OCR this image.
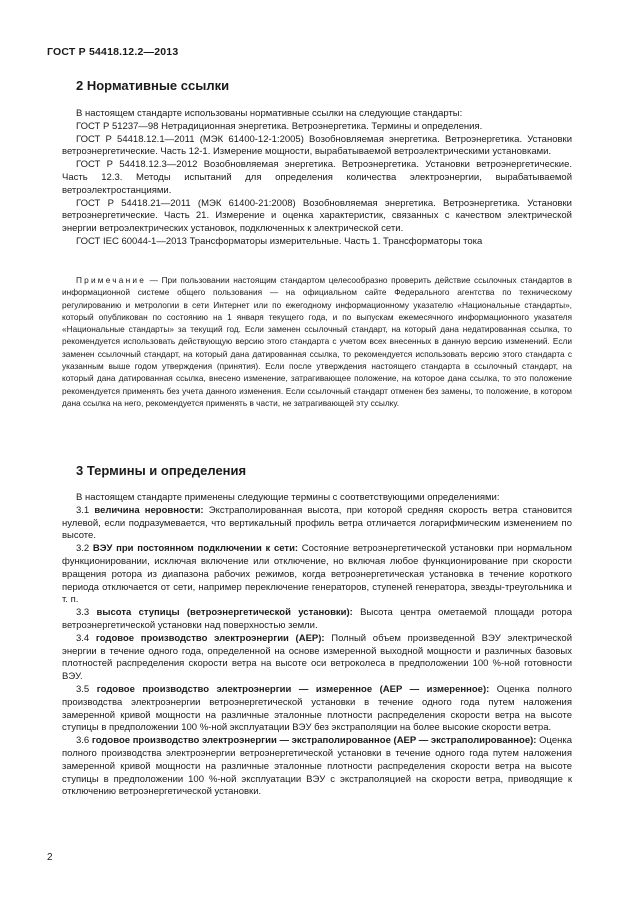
ГОСТ Р 54418.12.2—2013
2 Нормативные ссылки

В настоящем стандарте использованы нормативные ссылки на следующие стандарты:

ГОСТ Р 51237—98 Нетрадиционная энергетика. Ветроэнергетика. Термины и определения.

ГОСТ Р 54418.12.1—2011 (МЭК 61400-12-1:2005) Возобновляемая энергетика. Ветроэнергетика. Установки ветроэнергетические. Часть 12-1. Измерение мощности, вырабатываемой ветроэлектрическими установками.

ГОСТ Р 54418.12.3—2012 Возобновляемая энергетика. Ветроэнергетика. Установки ветроэнергетические. Часть 12.3. Методы испытаний для определения количества электроэнергии, вырабатываемой ветроэлектростанциями.

ГОСТ Р 54418.21—2011 (МЭК 61400-21:2008) Возобновляемая энергетика. Ветроэнергетика. Установки ветроэнергетические. Часть 21. Измерение и оценка характеристик, связанных с качеством электрической энергии ветроэлектрических установок, подключенных к электрической сети.

ГОСТ IEC 60044-1—2013 Трансформаторы измерительные. Часть 1. Трансформаторы тока

Примечание — При пользовании настоящим стандартом целесообразно проверить действие ссылочных стандартов в информационной системе общего пользования — на официальном сайте Федерального агентства по техническому регулированию и метрологии в сети Интернет или по ежегодному информационному указателю «Национальные стандарты», который опубликован по состоянию на 1 января текущего года, и по выпускам ежемесячного информационного указателя «Национальные стандарты» за текущий год. Если заменен ссылочный стандарт, на который дана недатированная ссылка, то рекомендуется использовать действующую версию этого стандарта с учетом всех внесенных в данную версию изменений. Если заменен ссылочный стандарт, на который дана датированная ссылка, то рекомендуется использовать версию этого стандарта с указанным выше годом утверждения (принятия). Если после утверждения настоящего стандарта в ссылочный стандарт, на который дана датированная ссылка, внесено изменение, затрагивающее положение, на которое дана ссылка, то это положение рекомендуется применять без учета данного изменения. Если ссылочный стандарт отменен без замены, то положение, в котором дана ссылка на него, рекомендуется применять в части, не затрагивающей эту ссылку.

3 Термины и определения

В настоящем стандарте применены следующие термины с соответствующими определениями:

3.1 величина неровности: Экстраполированная высота, при которой средняя скорость ветра становится нулевой, если подразумевается, что вертикальный профиль ветра отличается логарифмическим изменением по высоте.

3.2 ВЭУ при постоянном подключении к сети: Состояние ветроэнергетической установки при нормальном функционировании, исключая включение или отключение, но включая любое функционирование при скорости вращения ротора из диапазона рабочих режимов, когда ветроэнергетическая установка в течение короткого периода отключается от сети, например переключение генераторов, ступеней генератора, звезды-треугольника и т. п.

3.3 высота ступицы (ветроэнергетической установки): Высота центра ометаемой площади ротора ветроэнергетической установки над поверхностью земли.

3.4 годовое производство электроэнергии (AEP): Полный объем произведенной ВЭУ электрической энергии в течение одного года, определенной на основе измеренной выходной мощности и различных базовых плотностей распределения скорости ветра на высоте оси ветроколеса в предположении 100 %-ной готовности ВЭУ.

3.5 годовое производство электроэнергии — измеренное (AEP — измеренное): Оценка полного производства электроэнергии ветроэнергетической установки в течение одного года путем наложения замеренной кривой мощности на различные эталонные плотности распределения скорости ветра на высоте ступицы в предположении 100 %-ной эксплуатации ВЭУ без экстраполяции на более высокие скорости ветра.

3.6 годовое производство электроэнергии — экстраполированное (AEP — экстраполированное): Оценка полного производства электроэнергии ветроэнергетической установки в течение одного года путем наложения замеренной кривой мощности на различные эталонные плотности распределения скорости ветра на высоте ступицы в предположении 100 %-ной эксплуатации ВЭУ с экстраполяцией на скорости ветра, приводящие к отключению ветроэнергетической установки.

2
